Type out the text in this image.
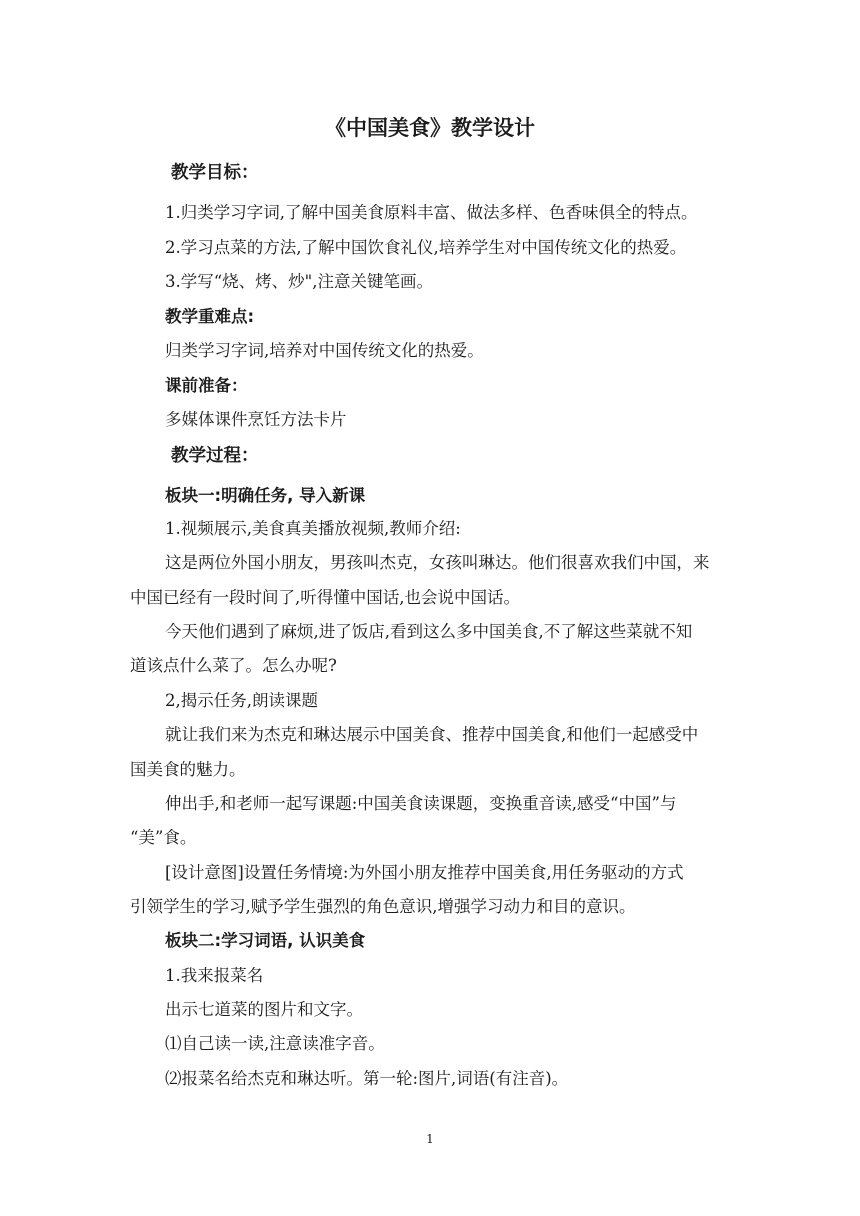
《中国美食》教学设计
教学目标：
1.归类学习字词,了解中国美食原料丰富、做法多样、色香味俱全的特点。
2.学习点菜的方法,了解中国饮食礼仪,培养学生对中国传统文化的热爱。
3.学写“烧、烤、炒",注意关键笔画。
教学重难点:
归类学习字词,培养对中国传统文化的热爱。
课前准备：
多媒体课件烹饪方法卡片
教学过程：
板块一:明确任务, 导入新课
1.视频展示,美食真美播放视频,教师介绍:
这是两位外国小朋友，男孩叫杰克，女孩叫琳达。他们很喜欢我们中国，来
中国已经有一段时间了,听得懂中国话,也会说中国话。
今天他们遇到了麻烦,进了饭店,看到这么多中国美食,不了解这些菜就不知
道该点什么菜了。怎么办呢?
2,揭示任务,朗读课题
就让我们来为杰克和琳达展示中国美食、推荐中国美食,和他们一起感受中
国美食的魅力。
伸出手,和老师一起写课题:中国美食读课题，变换重音读,感受“中国”与
“美”食。
[设计意图]设置任务情境:为外国小朋友推荐中国美食,用任务驱动的方式
引领学生的学习,赋予学生强烈的角色意识,增强学习动力和目的意识。
板块二:学习词语, 认识美食
1.我来报菜名
出示七道菜的图片和文字。
⑴自己读一读,注意读准字音。
⑵报菜名给杰克和琳达听。第一轮:图片,词语(有注音)。
1
